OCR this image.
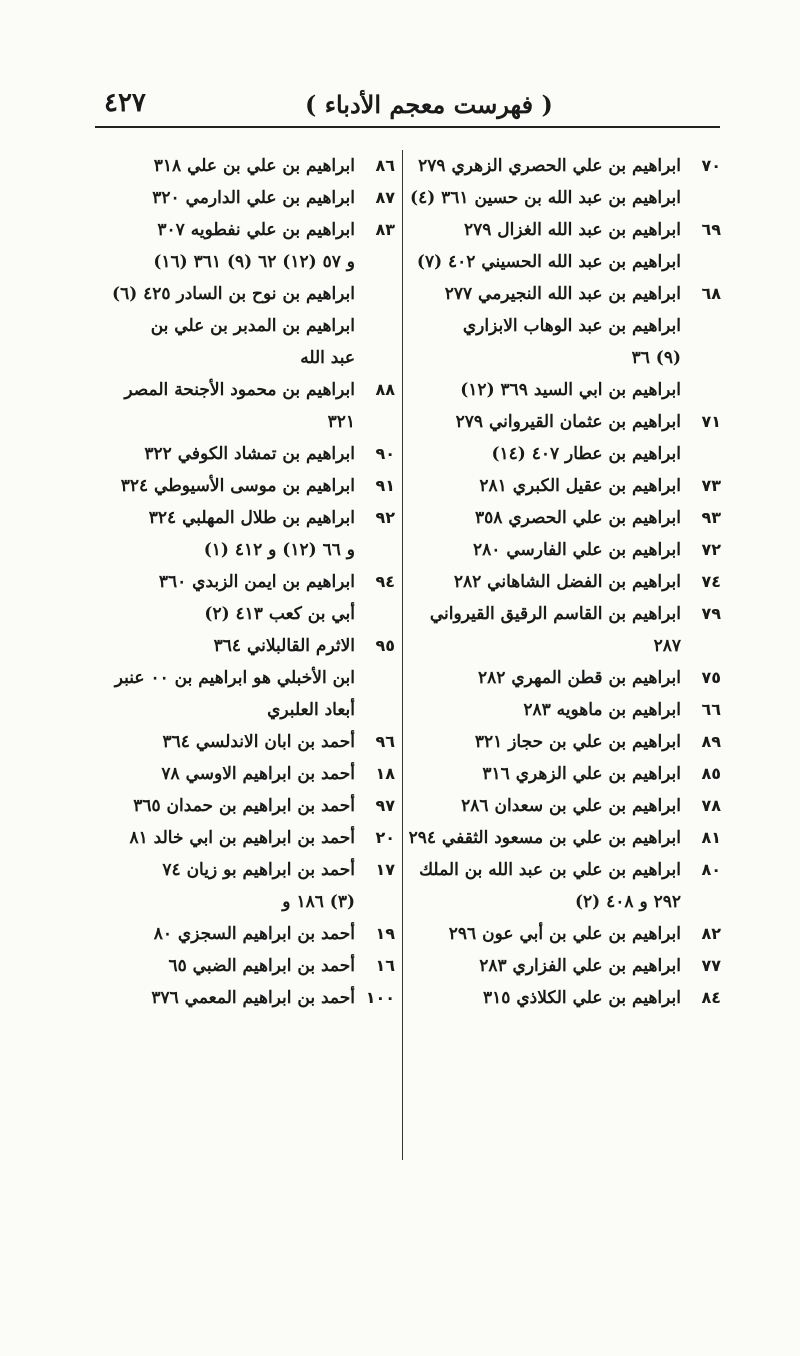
٤٢٧	( فهرست معجم الأدباء )
٧٠
ابراهيم بن علي الحصري الزهري ٢٧٩
ابراهيم بن عبد الله بن حسين ٣٦١ (٤)
٦٩
ابراهيم بن عبد الله الغزال ٢٧٩
ابراهيم بن عبد الله الحسيني ٤٠٢ (٧)
٦٨
ابراهيم بن عبد الله النجيرمي ٢٧٧
ابراهيم بن عبد الوهاب الابزاري
(٩) ٣٦
ابراهيم بن ابي السيد ٣٦٩ (١٢)
٧١
ابراهيم بن عثمان القيرواني ٢٧٩
ابراهيم بن عطار ٤٠٧ (١٤)
٧٣
ابراهيم بن عقيل الكبري ٢٨١
٩٣
ابراهيم بن علي الحصري ٣٥٨
٧٢
ابراهيم بن علي الفارسي ٢٨٠
٧٤
ابراهيم بن الفضل الشاهاني ٢٨٢
٧٩
ابراهيم بن القاسم الرقيق القيرواني
٢٨٧
٧٥
ابراهيم بن قطن المهري ٢٨٢
٦٦
ابراهيم بن ماهويه ٢٨٣
٨٩
ابراهيم بن علي بن حجاز ٣٢١
٨٥
ابراهيم بن علي الزهري ٣١٦
٧٨
ابراهيم بن علي بن سعدان ٢٨٦
٨١
ابراهيم بن علي بن مسعود الثقفي ٢٩٤
٨٠
ابراهيم بن علي بن عبد الله بن الملك
٢٩٢ و ٤٠٨ (٢)
٨٢
ابراهيم بن علي بن أبي عون ٢٩٦
٧٧
ابراهيم بن علي الفزاري ٢٨٣
٨٤
ابراهيم بن علي الكلاذي ٣١٥
٨٦
ابراهيم بن علي بن علي ٣١٨
٨٧
ابراهيم بن علي الدارمي ٣٢٠
٨٣
ابراهيم بن علي نفطويه ٣٠٧
و ٥٧ (١٢) ٦٢ (٩) ٣٦١ (١٦)
ابراهيم بن نوح بن السادر ٤٢٥ (٦)
ابراهيم بن المدبر بن علي بن
عبد الله
٨٨
ابراهيم بن محمود الأجنحة المصر
٣٢١
٩٠
ابراهيم بن تمشاد الكوفي ٣٢٢
٩١
ابراهيم بن موسى الأسيوطي ٣٢٤
٩٢
ابراهيم بن طلال المهلبي ٣٢٤
و ٦٦ (١٢) و ٤١٢ (١)
٩٤
ابراهيم بن ايمن الزبدي ٣٦٠
أبي بن كعب ٤١٣ (٢)
٩٥
الاثرم القالبلاني ٣٦٤
ابن الأخبلي هو ابراهيم بن ٠٠ عنبر
أبعاد العلبري
٩٦
أحمد بن ابان الاندلسي ٣٦٤
١٨
أحمد بن ابراهيم الاوسي ٧٨
٩٧
أحمد بن ابراهيم بن حمدان ٣٦٥
٢٠
أحمد بن ابراهيم بن ابي خالد ٨١
١٧
أحمد بن ابراهيم بو زيان ٧٤
(٣) ١٨٦ و
١٩
أحمد بن ابراهيم السجزي ٨٠
١٦
أحمد بن ابراهيم الضبي ٦٥
١٠٠
أحمد بن ابراهيم المعمي ٣٧٦
